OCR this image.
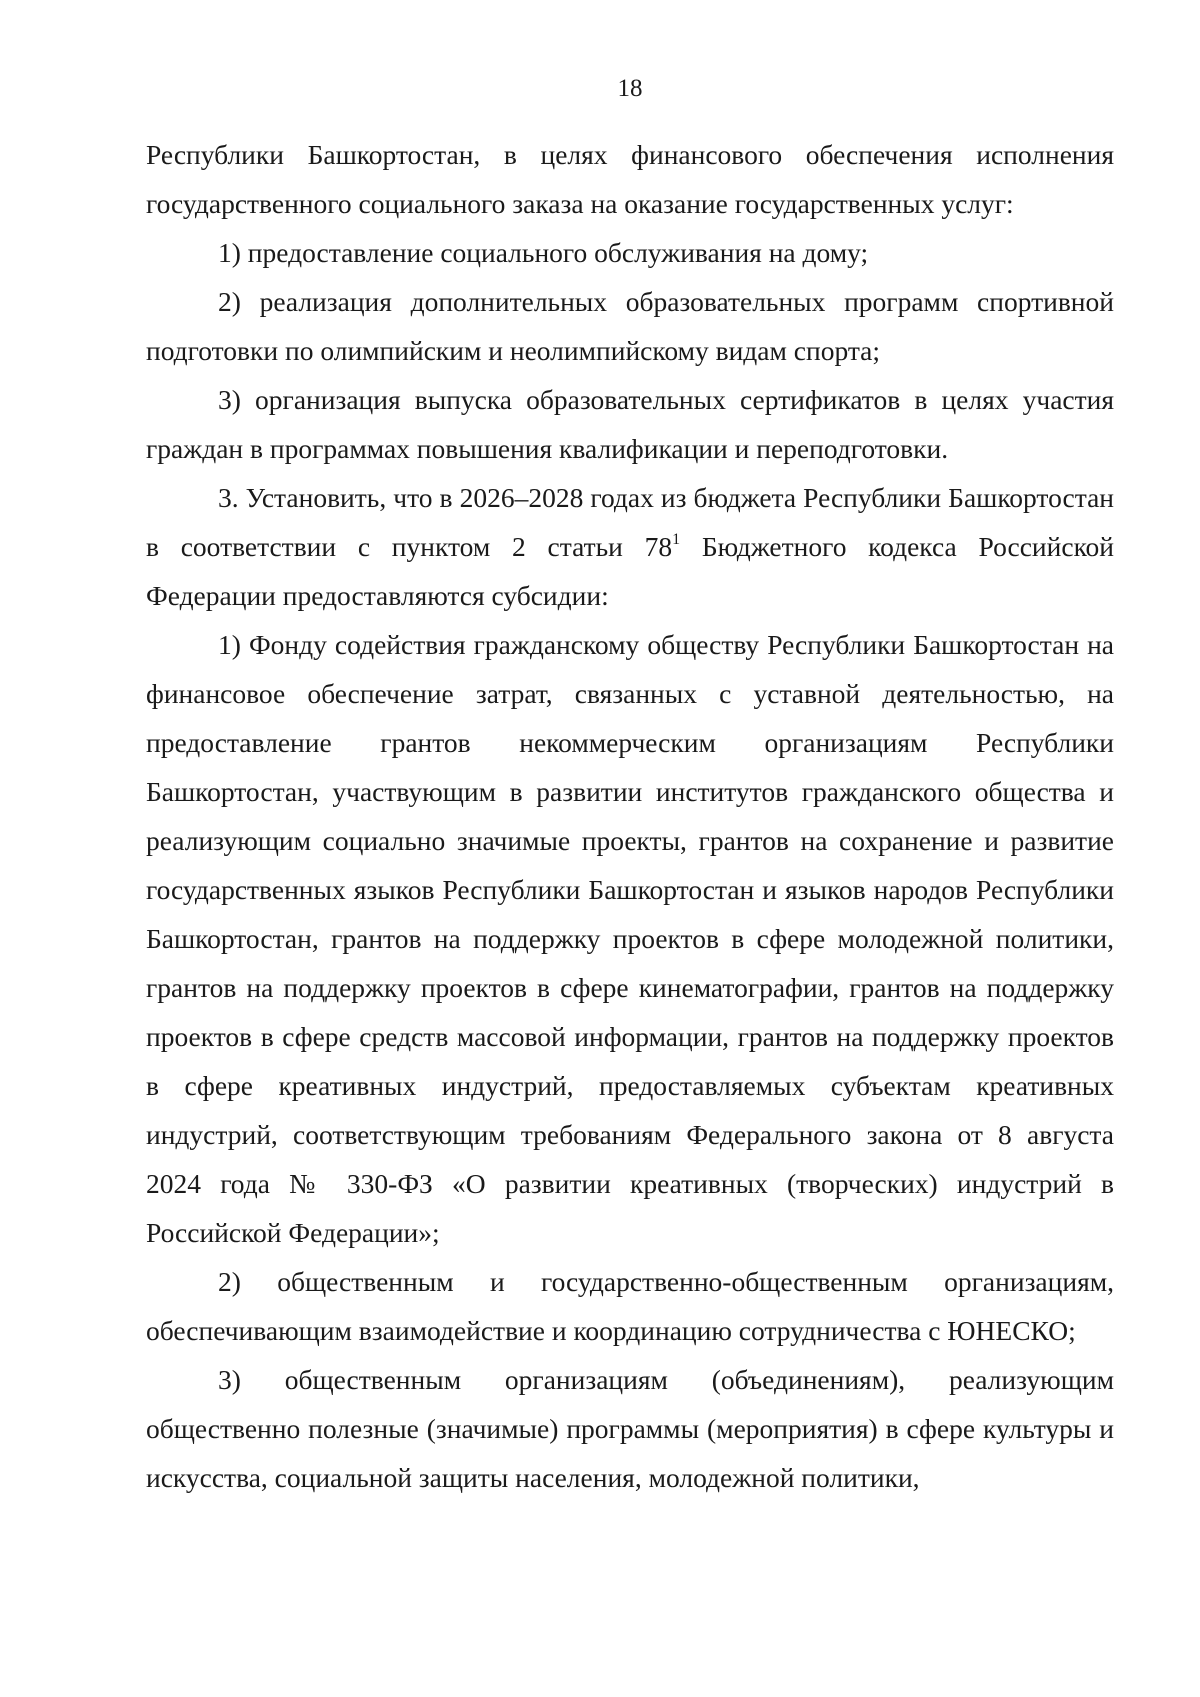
18

Республики Башкортостан, в целях финансового обеспечения исполнения государственного социального заказа на оказание государственных услуг:

1) предоставление социального обслуживания на дому;

2) реализация дополнительных образовательных программ спортивной подготовки по олимпийским и неолимпийскому видам спорта;

3) организация выпуска образовательных сертификатов в целях участия граждан в программах повышения квалификации и переподготовки.

3. Установить, что в 2026–2028 годах из бюджета Республики Башкортостан в соответствии с пунктом 2 статьи $78^1$ Бюджетного кодекса Российской Федерации предоставляются субсидии:

1) Фонду содействия гражданскому обществу Республики Башкортостан на финансовое обеспечение затрат, связанных с уставной деятельностью, на предоставление грантов некоммерческим организациям Республики Башкортостан, участвующим в развитии институтов гражданского общества и реализующим социально значимые проекты, грантов на сохранение и развитие государственных языков Республики Башкортостан и языков народов Республики Башкортостан, грантов на поддержку проектов в сфере молодежной политики, грантов на поддержку проектов в сфере кинематографии, грантов на поддержку проектов в сфере средств массовой информации, грантов на поддержку проектов в сфере креативных индустрий, предоставляемых субъектам креативных индустрий, соответствующим требованиям Федерального закона от 8 августа 2024 года № 330-ФЗ «О развитии креативных (творческих) индустрий в Российской Федерации»;

2) общественным и государственно-общественным организациям, обеспечивающим взаимодействие и координацию сотрудничества с ЮНЕСКО;

3) общественным организациям (объединениям), реализующим общественно полезные (значимые) программы (мероприятия) в сфере культуры и искусства, социальной защиты населения, молодежной политики,
